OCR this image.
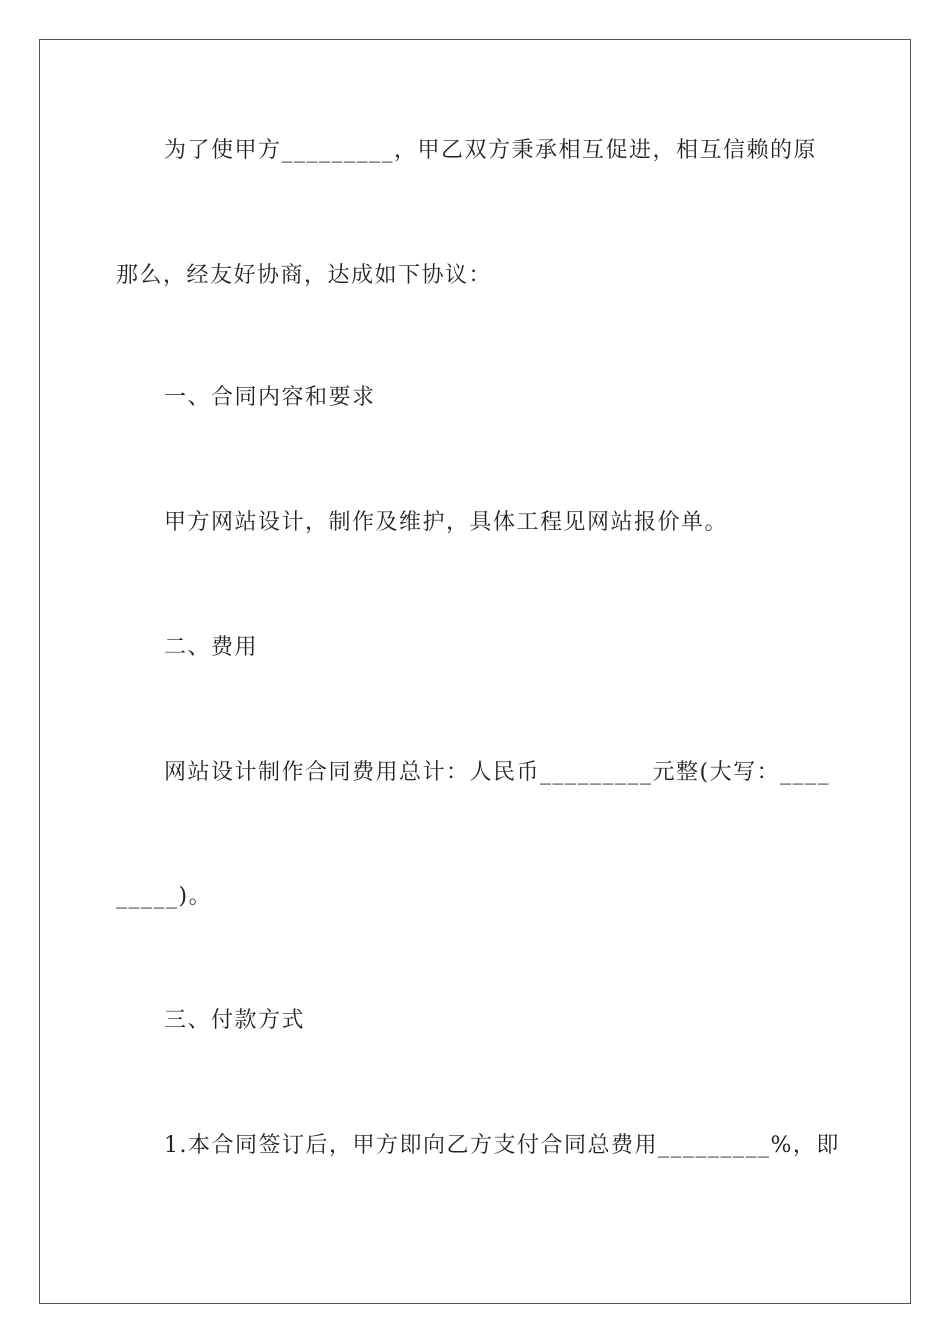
为了使甲方_________，甲乙双方秉承相互促进，相互信赖的原
那么，经友好协商，达成如下协议：
一、合同内容和要求
甲方网站设计，制作及维护，具体工程见网站报价单。
二、费用
网站设计制作合同费用总计：人民币_________元整(大写：____
_____)。
三、付款方式
1.本合同签订后，甲方即向乙方支付合同总费用_________%，即
